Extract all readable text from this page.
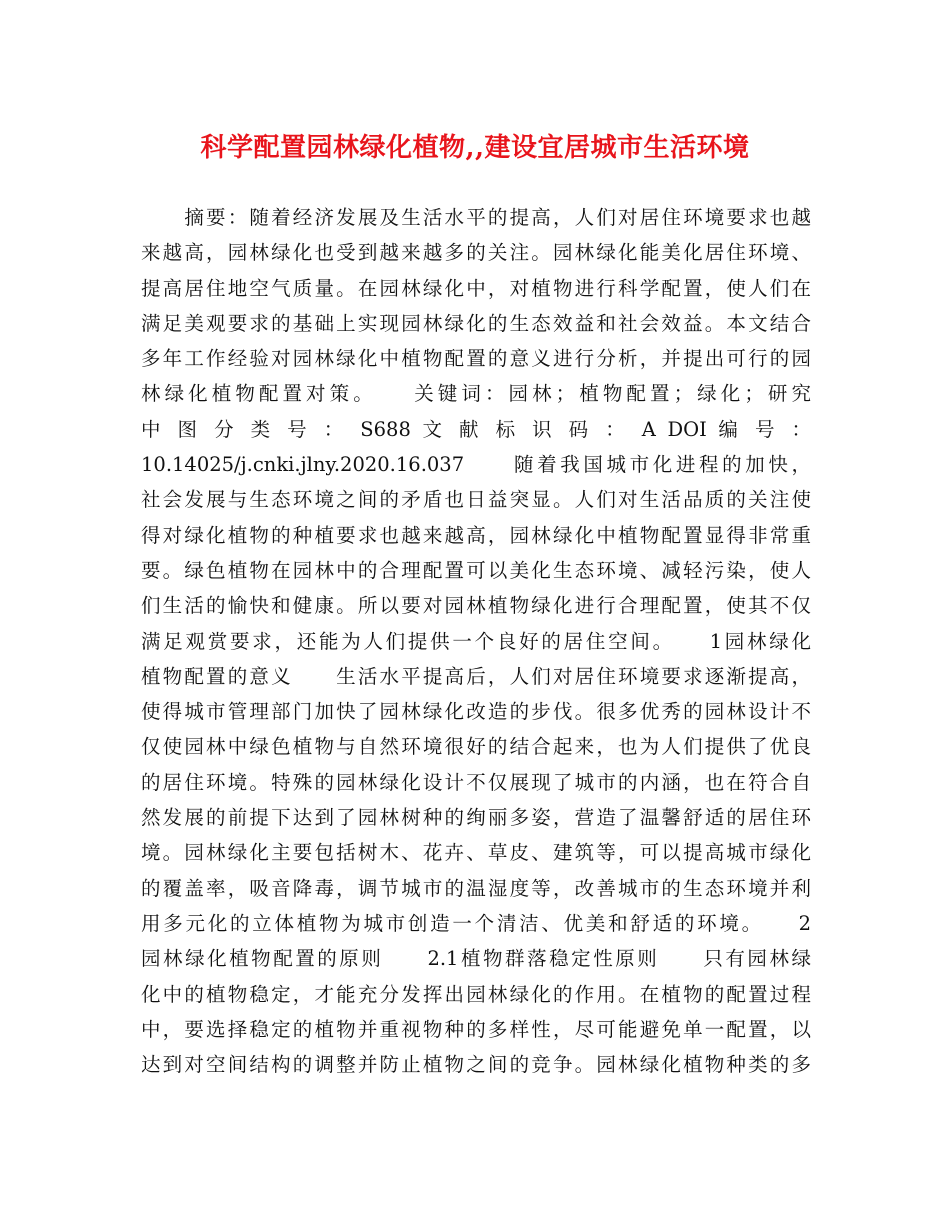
科学配置园林绿化植物,,建设宜居城市生活环境
　　摘要：随着经济发展及生活水平的提高，人们对居住环境要求也越
来越高，园林绿化也受到越来越多的关注。园林绿化能美化居住环境、
提高居住地空气质量。在园林绿化中，对植物进行科学配置，使人们在
满足美观要求的基础上实现园林绿化的生态效益和社会效益。本文结合
多年工作经验对园林绿化中植物配置的意义进行分析，并提出可行的园
林绿化植物配置对策。　　关键词：园林；植物配置；绿化；研究
中 图 分 类 号 ： S688 文 献 标 识 码 ： A DOI 编 号 ：
10.14025/j.cnki.jlny.2020.16.037　　随着我国城市化进程的加快，
社会发展与生态环境之间的矛盾也日益突显。人们对生活品质的关注使
得对绿化植物的种植要求也越来越高，园林绿化中植物配置显得非常重
要。绿色植物在园林中的合理配置可以美化生态环境、减轻污染，使人
们生活的愉快和健康。所以要对园林植物绿化进行合理配置，使其不仅
满足观赏要求，还能为人们提供一个良好的居住空间。　　1园林绿化
植物配置的意义　　生活水平提高后，人们对居住环境要求逐渐提高，
使得城市管理部门加快了园林绿化改造的步伐。很多优秀的园林设计不
仅使园林中绿色植物与自然环境很好的结合起来，也为人们提供了优良
的居住环境。特殊的园林绿化设计不仅展现了城市的内涵，也在符合自
然发展的前提下达到了园林树种的绚丽多姿，营造了温馨舒适的居住环
境。园林绿化主要包括树木、花卉、草皮、建筑等，可以提高城市绿化
的覆盖率，吸音降毒，调节城市的温湿度等，改善城市的生态环境并利
用多元化的立体植物为城市创造一个清洁、优美和舒适的环境。　　2
园林绿化植物配置的原则　　2.1植物群落稳定性原则　　只有园林绿
化中的植物稳定，才能充分发挥出园林绿化的作用。在植物的配置过程
中，要选择稳定的植物并重视物种的多样性，尽可能避免单一配置，以
达到对空间结构的调整并防止植物之间的竞争。园林绿化植物种类的多
